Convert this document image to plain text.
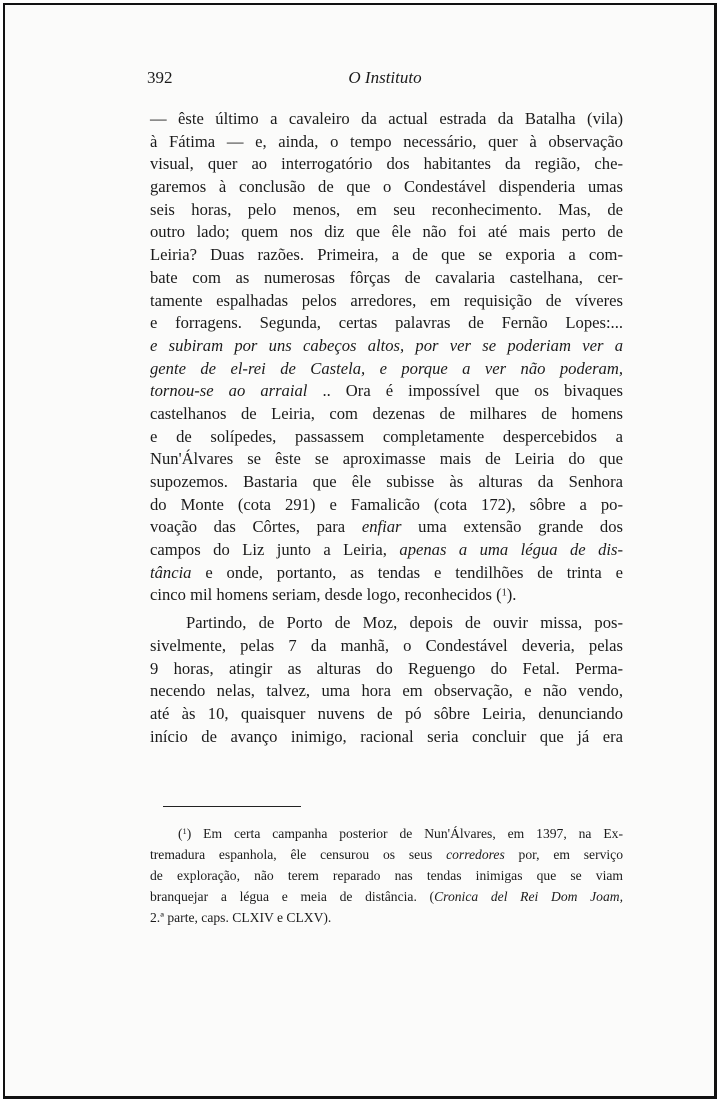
392	O Instituto
— êste último a cavaleiro da actual estrada da Batalha (vila)
à Fátima — e, ainda, o tempo necessário, quer à observação
visual, quer ao interrogatório dos habitantes da região, che-
garemos à conclusão de que o Condestável dispenderia umas
seis horas, pelo menos, em seu reconhecimento. Mas, de
outro lado; quem nos diz que êle não foi até mais perto de
Leiria? Duas razões. Primeira, a de que se exporia a com-
bate com as numerosas fôrças de cavalaria castelhana, cer-
tamente espalhadas pelos arredores, em requisição de víveres
e forragens. Segunda, certas palavras de Fernão Lopes:...
e subiram por uns cabeços altos, por ver se poderiam ver a
gente de el-rei de Castela, e porque a ver não poderam,
tornou-se ao arraial .. Ora é impossível que os bivaques
castelhanos de Leiria, com dezenas de milhares de homens
e de solípedes, passassem completamente despercebidos a
Nun'Álvares se êste se aproximasse mais de Leiria do que
supozemos. Bastaria que êle subisse às alturas da Senhora
do Monte (cota 291) e Famalicão (cota 172), sôbre a po-
voação das Côrtes, para enfiar uma extensão grande dos
campos do Liz junto a Leiria, apenas a uma légua de dis-
tância e onde, portanto, as tendas e tendilhões de trinta e
cinco mil homens seriam, desde logo, reconhecidos ($^1$).
Partindo, de Porto de Moz, depois de ouvir missa, pos-
sivelmente, pelas 7 da manhã, o Condestável deveria, pelas
9 horas, atingir as alturas do Reguengo do Fetal. Perma-
necendo nelas, talvez, uma hora em observação, e não vendo,
até às 10, quaisquer nuvens de pó sôbre Leiria, denunciando
início de avanço inimigo, racional seria concluir que já era
($^1$) Em certa campanha posterior de Nun'Álvares, em 1397, na Ex-
tremadura espanhola, êle censurou os seus corredores por, em serviço
de exploração, não terem reparado nas tendas inimigas que se viam
branquejar a légua e meia de distância. (Cronica del Rei Dom Joam,
2.ª parte, caps. CLXIV e CLXV).
